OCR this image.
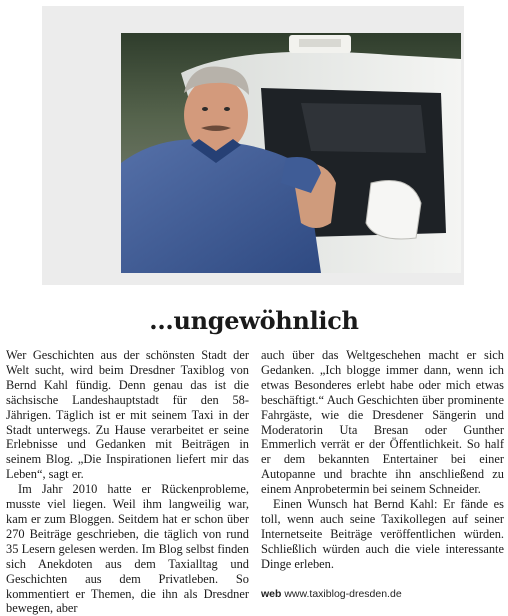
...ungewöhnlich

Wer Geschichten aus der schönsten Stadt der Welt sucht, wird beim Dresdner Taxiblog von Bernd Kahl fündig. Denn genau das ist die sächsische Landeshauptstadt für den 58-Jährigen. Täglich ist er mit seinem Taxi in der Stadt unterwegs. Zu Hause verarbeitet er seine Erlebnisse und Gedanken mit Beiträgen in seinem Blog. „Die Inspirationen liefert mir das Leben“, sagt er.

Im Jahr 2010 hatte er Rückenprobleme, musste viel liegen. Weil ihm langweilig war, kam er zum Bloggen. Seitdem hat er schon über 270 Beiträge geschrieben, die täglich von rund 35 Lesern gelesen werden. Im Blog selbst finden sich Anekdoten aus dem Taxialltag und Geschichten aus dem Privatleben. So kommentiert er Themen, die ihn als Dresdner bewegen, aber

auch über das Weltgeschehen macht er sich Gedanken. „Ich blogge immer dann, wenn ich etwas Besonderes erlebt habe oder mich etwas beschäftigt.“ Auch Geschichten über prominente Fahrgäste, wie die Dresdener Sängerin und Moderatorin Uta Bresan oder Gunther Emmerlich verrät er der Öffentlichkeit. So half er dem bekannten Entertainer bei einer Autopanne und brachte ihn anschließend zu einem Anprobetermin bei seinem Schneider.

Einen Wunsch hat Bernd Kahl: Er fände es toll, wenn auch seine Taxikollegen auf seiner Internetseite Beiträge veröffentlichen würden. Schließlich würden auch die viele interessante Dinge erleben.

web www.taxiblog-dresden.de
